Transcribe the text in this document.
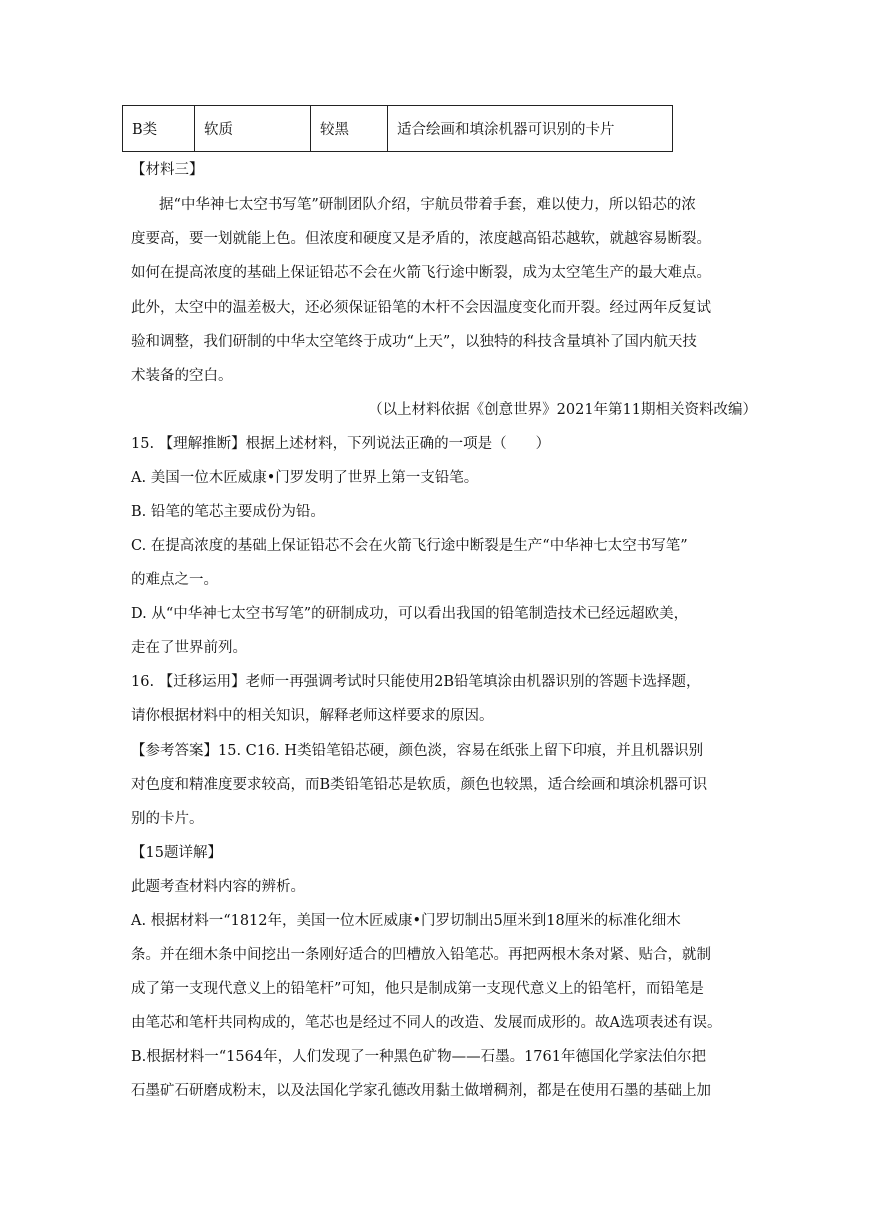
B类	软质	较黑	适合绘画和填涂机器可识别的卡片
【材料三】
据“中华神七太空书写笔”研制团队介绍，宇航员带着手套，难以使力，所以铅芯的浓
度要高，要一划就能上色。但浓度和硬度又是矛盾的，浓度越高铅芯越软，就越容易断裂。
如何在提高浓度的基础上保证铅芯不会在火箭飞行途中断裂，成为太空笔生产的最大难点。
此外，太空中的温差极大，还必须保证铅笔的木杆不会因温度变化而开裂。经过两年反复试
验和调整，我们研制的中华太空笔终于成功“上天”，以独特的科技含量填补了国内航天技
术装备的空白。
（以上材料依据《创意世界》2021年第11期相关资料改编）
15. 【理解推断】根据上述材料，下列说法正确的一项是（　　）
A. 美国一位木匠威康•门罗发明了世界上第一支铅笔。
B. 铅笔的笔芯主要成份为铅。
C. 在提高浓度的基础上保证铅芯不会在火箭飞行途中断裂是生产“中华神七太空书写笔”
的难点之一。
D. 从“中华神七太空书写笔”的研制成功，可以看出我国的铅笔制造技术已经远超欧美，
走在了世界前列。
16. 【迁移运用】老师一再强调考试时只能使用2B铅笔填涂由机器识别的答题卡选择题，
请你根据材料中的相关知识，解释老师这样要求的原因。
【参考答案】15. C16. H类铅笔铅芯硬，颜色淡，容易在纸张上留下印痕，并且机器识别
对色度和精准度要求较高，而B类铅笔铅芯是软质，颜色也较黑，适合绘画和填涂机器可识
别的卡片。
【15题详解】
此题考查材料内容的辨析。
A. 根据材料一“1812年，美国一位木匠威康•门罗切制出5厘米到18厘米的标准化细木
条。并在细木条中间挖出一条刚好适合的凹槽放入铅笔芯。再把两根木条对紧、贴合，就制
成了第一支现代意义上的铅笔杆”可知，他只是制成第一支现代意义上的铅笔杆，而铅笔是
由笔芯和笔杆共同构成的，笔芯也是经过不同人的改造、发展而成形的。故A选项表述有误。
B.根据材料一“1564年，人们发现了一种黑色矿物——石墨。1761年德国化学家法伯尔把
石墨矿石研磨成粉末，以及法国化学家孔德改用黏土做增稠剂，都是在使用石墨的基础上加
